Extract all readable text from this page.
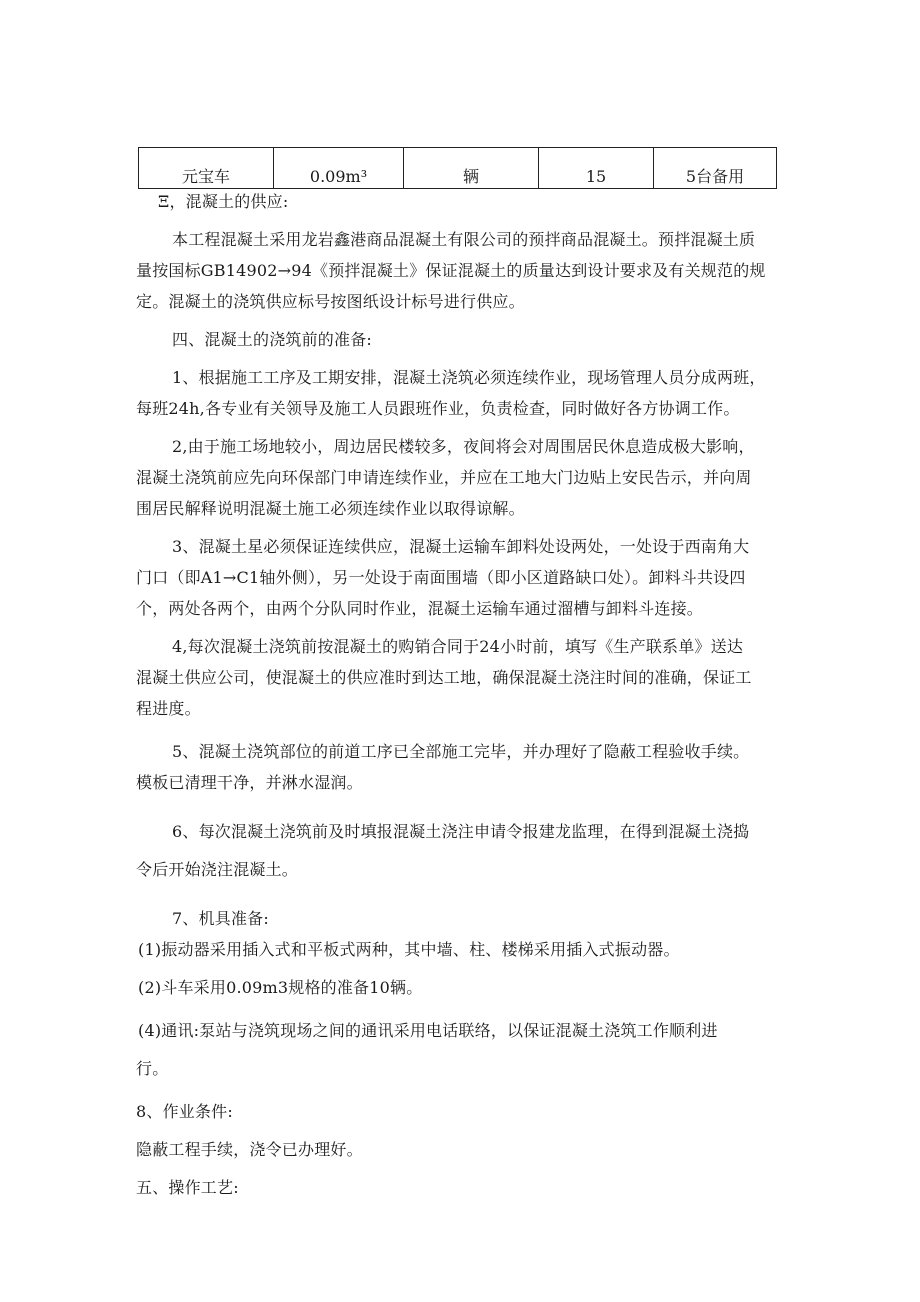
元宝车	0.09m³	辆	15	5台备用

Ξ，混凝土的供应:

本工程混凝土采用龙岩鑫港商品混凝土有限公司的预拌商品混凝土。预拌混凝土质

量按国标GB14902→94《预拌混凝土》保证混凝土的质量达到设计要求及有关规范的规

定。混凝土的浇筑供应标号按图纸设计标号进行供应。

四、混凝土的浇筑前的准备:

1、根据施工工序及工期安排，混凝土浇筑必须连续作业，现场管理人员分成两班，

每班24h,各专业有关领导及施工人员跟班作业，负责检查，同时做好各方协调工作。

2,由于施工场地较小，周边居民楼较多，夜间将会对周围居民休息造成极大影响，

混凝土浇筑前应先向环保部门申请连续作业，并应在工地大门边贴上安民告示，并向周

围居民解释说明混凝土施工必须连续作业以取得谅解。

3、混凝土星必须保证连续供应，混凝土运输车卸料处设两处，一处设于西南角大

门口（即A1→C1轴外侧），另一处设于南面围墙（即小区道路缺口处）。卸料斗共设四

个，两处各两个，由两个分队同时作业，混凝土运输车通过溜槽与卸料斗连接。

4,每次混凝土浇筑前按混凝土的购销合同于24小时前，填写《生产联系单》送达

混凝土供应公司，使混凝土的供应准时到达工地，确保混凝土浇注时间的准确，保证工

程进度。

5、混凝土浇筑部位的前道工序已全部施工完毕，并办理好了隐蔽工程验收手续。

模板已清理干净，并淋水湿润。

6、每次混凝土浇筑前及时填报混凝土浇注申请令报建龙监理，在得到混凝土浇捣

令后开始浇注混凝土。

7、机具准备:

(1)振动器采用插入式和平板式两种，其中墙、柱、楼梯采用插入式振动器。

(2)斗车采用0.09m3规格的准备10辆。

(4)通讯:泵站与浇筑现场之间的通讯采用电话联络，以保证混凝土浇筑工作顺利进

行。

8、作业条件:

隐蔽工程手续，浇令已办理好。

五、操作工艺:
